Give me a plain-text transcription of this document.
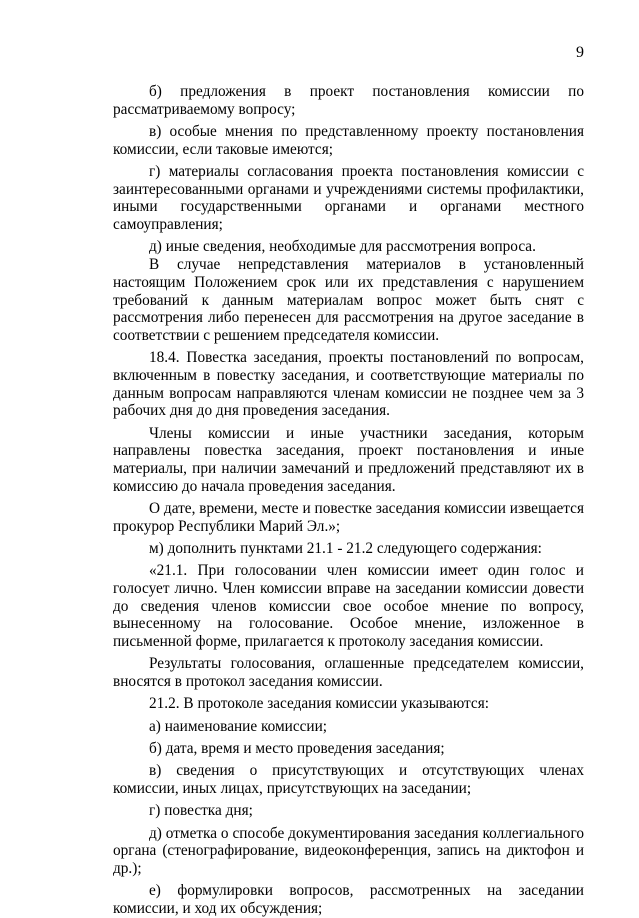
9

б) предложения в проект постановления комиссии по рассматриваемому вопросу;

в) особые мнения по представленному проекту постановления комиссии, если таковые имеются;

г) материалы согласования проекта постановления комиссии с заинтересованными органами и учреждениями системы профилактики, иными государственными органами и органами местного самоуправления;

д) иные сведения, необходимые для рассмотрения вопроса.

В случае непредставления материалов в установленный настоящим Положением срок или их представления с нарушением требований к данным материалам вопрос может быть снят с рассмотрения либо перенесен для рассмотрения на другое заседание в соответствии с решением председателя комиссии.

18.4. Повестка заседания, проекты постановлений по вопросам, включенным в повестку заседания, и соответствующие материалы по данным вопросам направляются членам комиссии не позднее чем за 3 рабочих дня до дня проведения заседания.

Члены комиссии и иные участники заседания, которым направлены повестка заседания, проект постановления и иные материалы, при наличии замечаний и предложений представляют их в комиссию до начала проведения заседания.

О дате, времени, месте и повестке заседания комиссии извещается прокурор Республики Марий Эл.»;

м) дополнить пунктами 21.1 - 21.2 следующего содержания:

«21.1. При голосовании член комиссии имеет один голос и голосует лично. Член комиссии вправе на заседании комиссии довести до сведения членов комиссии свое особое мнение по вопросу, вынесенному на голосование. Особое мнение, изложенное в письменной форме, прилагается к протоколу заседания комиссии.

Результаты голосования, оглашенные председателем комиссии, вносятся в протокол заседания комиссии.

21.2. В протоколе заседания комиссии указываются:

а) наименование комиссии;

б) дата, время и место проведения заседания;

в) сведения о присутствующих и отсутствующих членах комиссии, иных лицах, присутствующих на заседании;

г) повестка дня;

д) отметка о способе документирования заседания коллегиального органа (стенографирование, видеоконференция, запись на диктофон и др.);

е) формулировки вопросов, рассмотренных на заседании комиссии, и ход их обсуждения;
